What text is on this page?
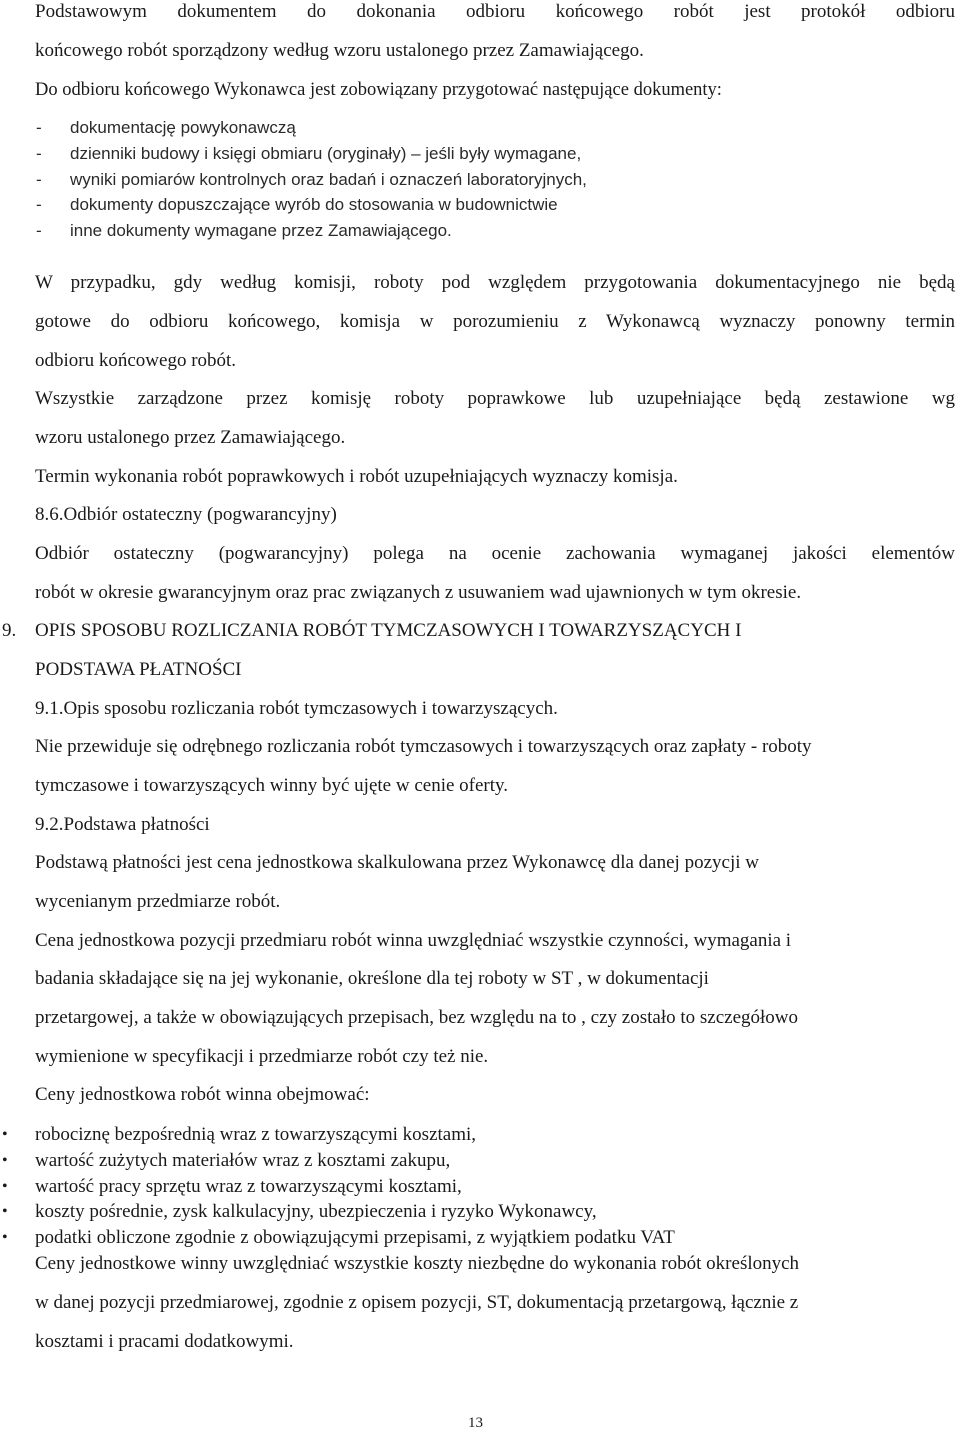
Podstawowym dokumentem do dokonania odbioru końcowego robót jest protokół odbioru
końcowego robót sporządzony według wzoru ustalonego przez Zamawiającego.
Do odbioru końcowego Wykonawca jest zobowiązany przygotować następujące dokumenty:
- dokumentację powykonawczą
- dzienniki budowy i księgi obmiaru (oryginały) – jeśli były wymagane,
- wyniki pomiarów kontrolnych oraz badań i oznaczeń laboratoryjnych,
- dokumenty dopuszczające wyrób do stosowania w budownictwie
- inne dokumenty wymagane przez Zamawiającego.
W przypadku, gdy według komisji, roboty pod względem przygotowania dokumentacyjnego nie będą
gotowe do odbioru końcowego, komisja w porozumieniu z Wykonawcą wyznaczy ponowny termin
odbioru końcowego robót.
Wszystkie zarządzone przez komisję roboty poprawkowe lub uzupełniające będą zestawione wg
wzoru ustalonego przez Zamawiającego.
Termin wykonania robót poprawkowych i robót uzupełniających wyznaczy komisja.
8.6.Odbiór ostateczny (pogwarancyjny)
Odbiór ostateczny (pogwarancyjny) polega na ocenie zachowania wymaganej jakości elementów
robót w okresie gwarancyjnym oraz prac związanych z usuwaniem wad ujawnionych w tym okresie.
9. OPIS SPOSOBU ROZLICZANIA ROBÓT TYMCZASOWYCH I TOWARZYSZĄCYCH I
PODSTAWA PŁATNOŚCI
9.1.Opis sposobu rozliczania robót tymczasowych i towarzyszących.
Nie przewiduje się odrębnego rozliczania robót tymczasowych i towarzyszących oraz zapłaty - roboty
tymczasowe i towarzyszących winny być ujęte w cenie oferty.
9.2.Podstawa płatności
Podstawą płatności jest cena jednostkowa skalkulowana przez Wykonawcę dla danej pozycji w
wycenianym przedmiarze robót.
Cena jednostkowa pozycji przedmiaru robót winna uwzględniać wszystkie czynności, wymagania i
badania składające się na jej wykonanie, określone dla tej roboty w ST , w dokumentacji
przetargowej, a także w obowiązujących przepisach, bez względu na to , czy zostało to szczegółowo
wymienione w specyfikacji i przedmiarze robót czy też nie.
Ceny jednostkowa robót winna obejmować:
• robociznę bezpośrednią wraz z towarzyszącymi kosztami,
• wartość zużytych materiałów wraz z kosztami zakupu,
• wartość pracy sprzętu wraz z towarzyszącymi kosztami,
• koszty pośrednie, zysk kalkulacyjny, ubezpieczenia i ryzyko Wykonawcy,
• podatki obliczone zgodnie z obowiązującymi przepisami, z wyjątkiem podatku VAT
Ceny jednostkowe winny uwzględniać wszystkie koszty niezbędne do wykonania robót określonych
w danej pozycji przedmiarowej, zgodnie z opisem pozycji, ST, dokumentacją przetargową, łącznie z
kosztami i pracami dodatkowymi.
13
